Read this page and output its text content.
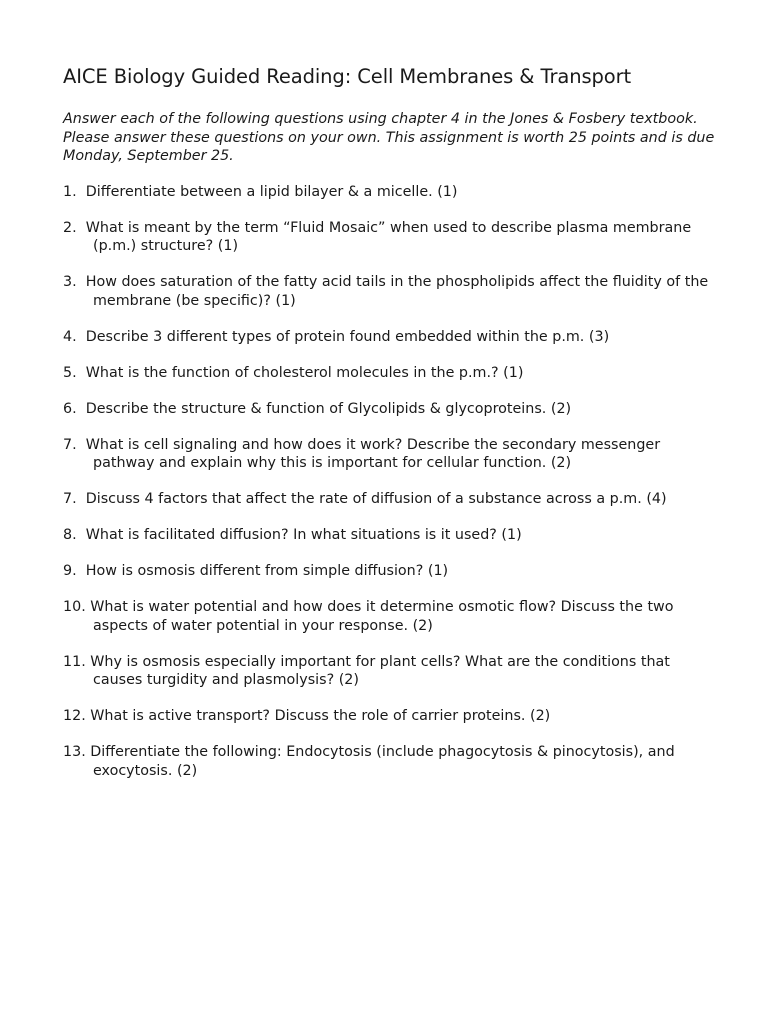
AICE Biology Guided Reading: Cell Membranes & Transport

Answer each of the following questions using chapter 4 in the Jones & Fosbery textbook. Please answer these questions on your own. This assignment is worth 25 points and is due Monday, September 25.

1. Differentiate between a lipid bilayer & a micelle. (1)
2. What is meant by the term “Fluid Mosaic” when used to describe plasma membrane (p.m.) structure? (1)
3. How does saturation of the fatty acid tails in the phospholipids affect the fluidity of the membrane (be specific)? (1)
4. Describe 3 different types of protein found embedded within the p.m. (3)
5. What is the function of cholesterol molecules in the p.m.? (1)
6. Describe the structure & function of Glycolipids & glycoproteins. (2)
7. What is cell signaling and how does it work? Describe the secondary messenger pathway and explain why this is important for cellular function. (2)
7. Discuss 4 factors that affect the rate of diffusion of a substance across a p.m. (4)
8. What is facilitated diffusion? In what situations is it used? (1)
9. How is osmosis different from simple diffusion? (1)
10. What is water potential and how does it determine osmotic flow? Discuss the two aspects of water potential in your response. (2)
11. Why is osmosis especially important for plant cells? What are the conditions that causes turgidity and plasmolysis? (2)
12. What is active transport? Discuss the role of carrier proteins. (2)
13. Differentiate the following: Endocytosis (include phagocytosis & pinocytosis), and exocytosis. (2)
